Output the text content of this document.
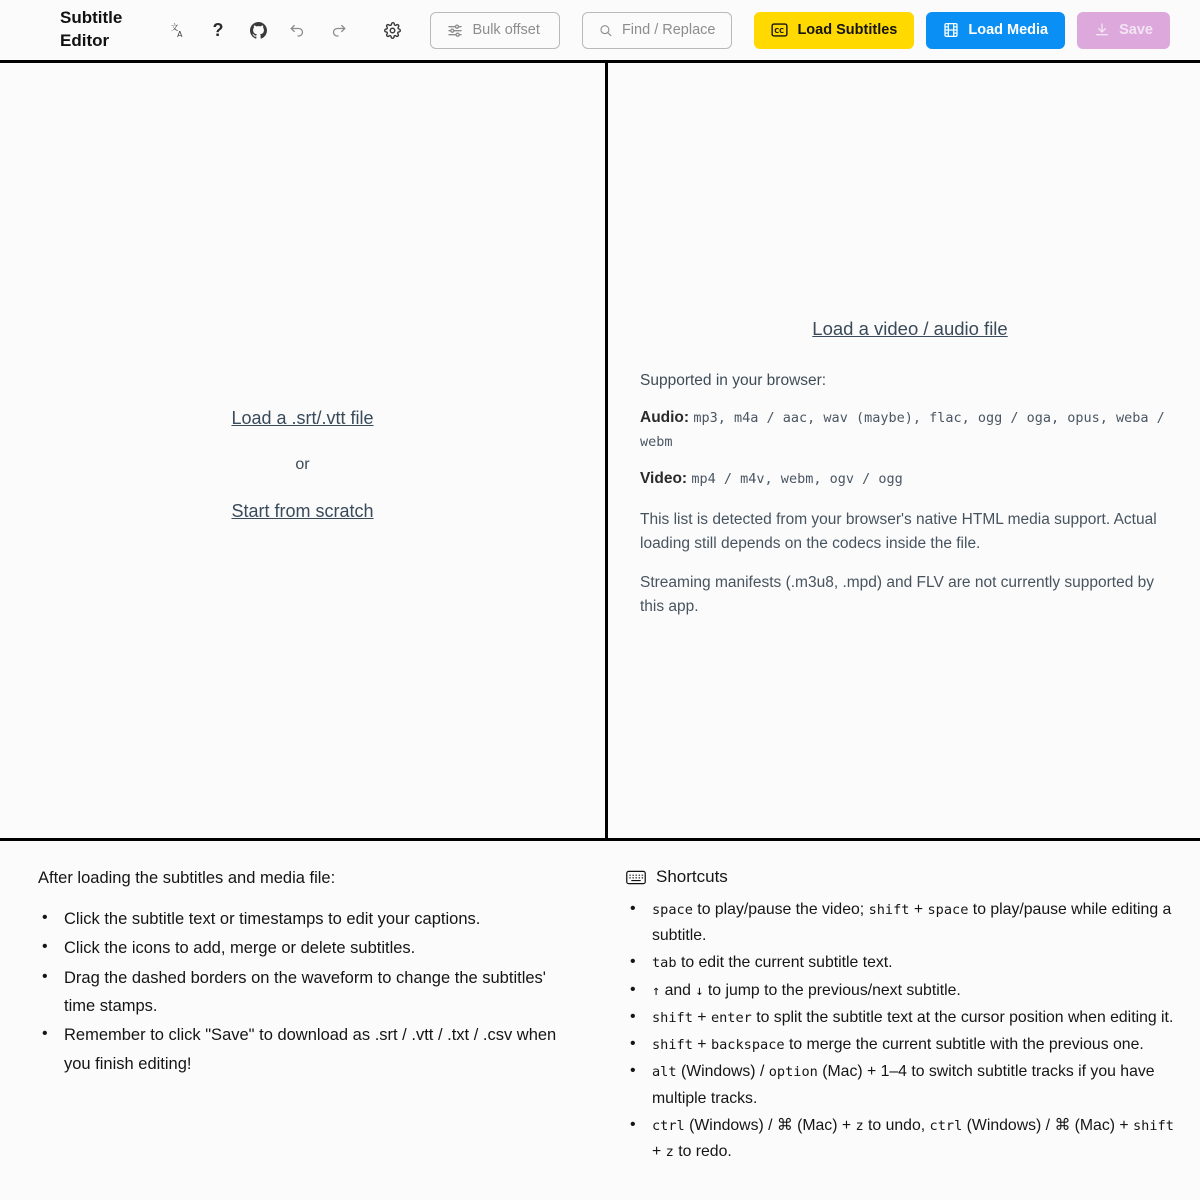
Subtitle Editor
文
A ?	Bulk offset	Find / Replace	CC Load Subtitles	Load Media	Save
Load a .srt/.vtt file
or
Start from scratch
Load a video / audio file
Supported in your browser:
Audio: mp3, m4a / aac, wav (maybe), flac, ogg / oga, opus, weba / webm
Video: mp4 / m4v, webm, ogv / ogg
This list is detected from your browser's native HTML media support. Actual loading still depends on the codecs inside the file.
Streaming manifests (.m3u8, .mpd) and FLV are not currently supported by this app.
After loading the subtitles and media file:
• Click the subtitle text or timestamps to edit your captions.
• Click the icons to add, merge or delete subtitles.
• Drag the dashed borders on the waveform to change the subtitles' time stamps.
• Remember to click "Save" to download as .srt / .vtt / .txt / .csv when you finish editing!
Shortcuts
• space to play/pause the video; shift + space to play/pause while editing a subtitle.
• tab to edit the current subtitle text.
• ↑ and ↓ to jump to the previous/next subtitle.
• shift + enter to split the subtitle text at the cursor position when editing it.
• shift + backspace to merge the current subtitle with the previous one.
• alt (Windows) / option (Mac) + 1–4 to switch subtitle tracks if you have multiple tracks.
• ctrl (Windows) / ⌘ (Mac) + z to undo, ctrl (Windows) / ⌘ (Mac) + shift + z to redo.
